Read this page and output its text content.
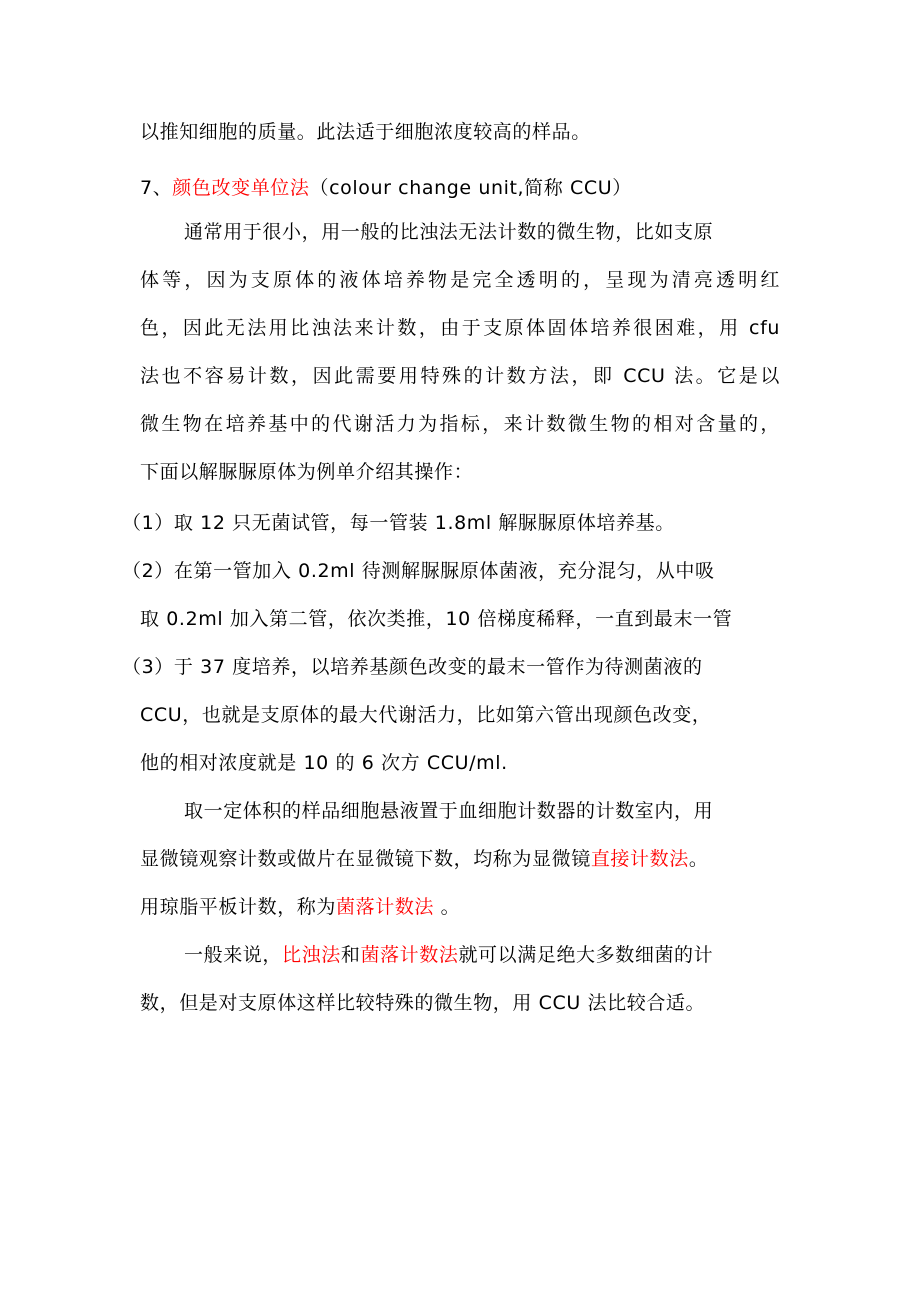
以推知细胞的质量。此法适于细胞浓度较高的样品。
7、颜色改变单位法（colour change unit,简称 CCU）
通常用于很小，用一般的比浊法无法计数的微生物，比如支原
体等，因为支原体的液体培养物是完全透明的，呈现为清亮透明红
色，因此无法用比浊法来计数，由于支原体固体培养很困难，用 cfu
法也不容易计数，因此需要用特殊的计数方法，即 CCU 法。它是以
微生物在培养基中的代谢活力为指标，来计数微生物的相对含量的，
下面以解脲脲原体为例单介绍其操作：
（1）取 12 只无菌试管，每一管装 1.8ml 解脲脲原体培养基。
（2）在第一管加入 0.2ml 待测解脲脲原体菌液，充分混匀，从中吸
取 0.2ml 加入第二管，依次类推，10 倍梯度稀释，一直到最末一管
（3）于 37 度培养，以培养基颜色改变的最末一管作为待测菌液的
CCU，也就是支原体的最大代谢活力，比如第六管出现颜色改变，
他的相对浓度就是 10 的 6 次方 CCU/ml.
取一定体积的样品细胞悬液置于血细胞计数器的计数室内，用
显微镜观察计数或做片在显微镜下数，均称为显微镜直接计数法。
用琼脂平板计数，称为菌落计数法 。
一般来说，比浊法和菌落计数法就可以满足绝大多数细菌的计
数，但是对支原体这样比较特殊的微生物，用 CCU 法比较合适。
